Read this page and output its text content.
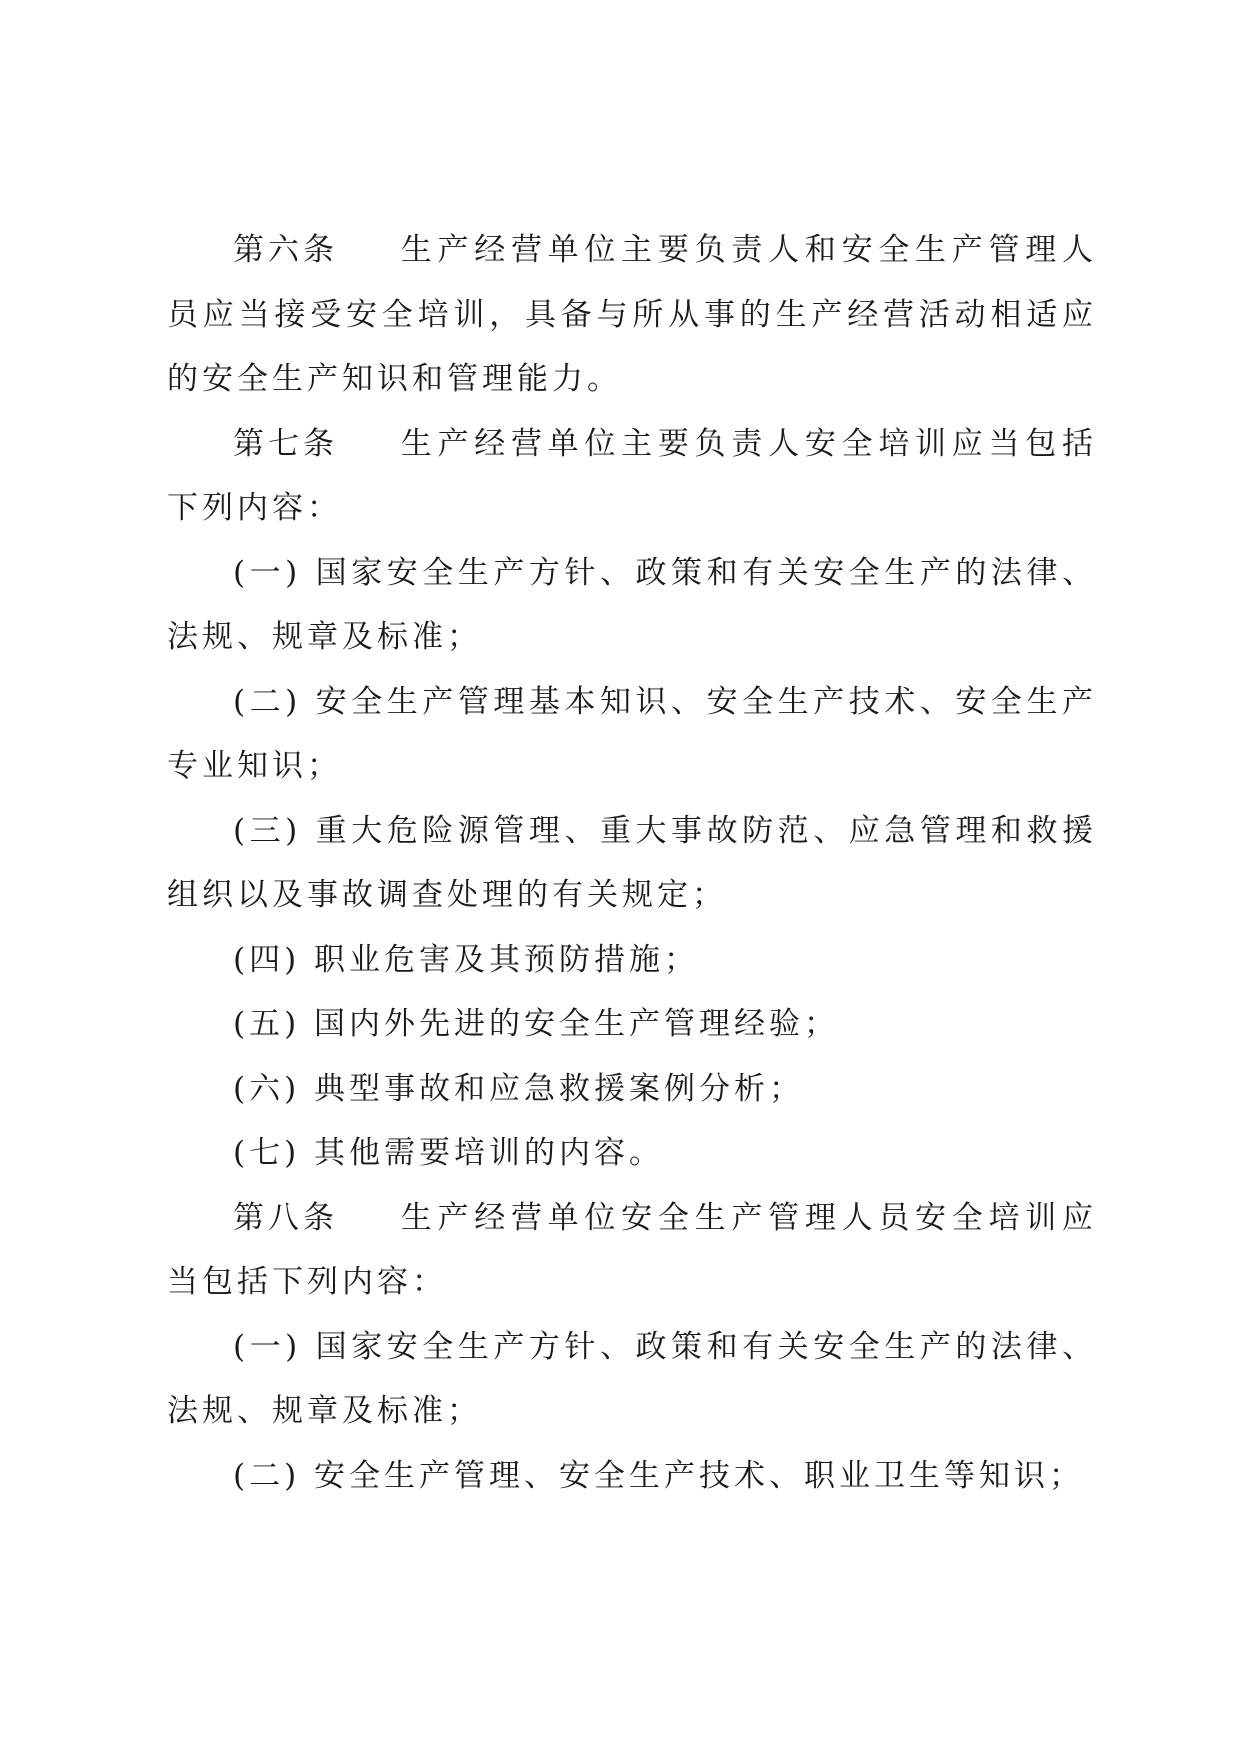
第六条 生产经营单位主要负责人和安全生产管理人员应当接受安全培训，具备与所从事的生产经营活动相适应的安全生产知识和管理能力。

第七条 生产经营单位主要负责人安全培训应当包括下列内容：

(一) 国家安全生产方针、政策和有关安全生产的法律、法规、规章及标准；

(二) 安全生产管理基本知识、安全生产技术、安全生产专业知识；

(三) 重大危险源管理、重大事故防范、应急管理和救援组织以及事故调查处理的有关规定；

(四) 职业危害及其预防措施；

(五) 国内外先进的安全生产管理经验；

(六) 典型事故和应急救援案例分析；

(七) 其他需要培训的内容。

第八条 生产经营单位安全生产管理人员安全培训应当包括下列内容：

(一) 国家安全生产方针、政策和有关安全生产的法律、法规、规章及标准；

(二) 安全生产管理、安全生产技术、职业卫生等知识；
